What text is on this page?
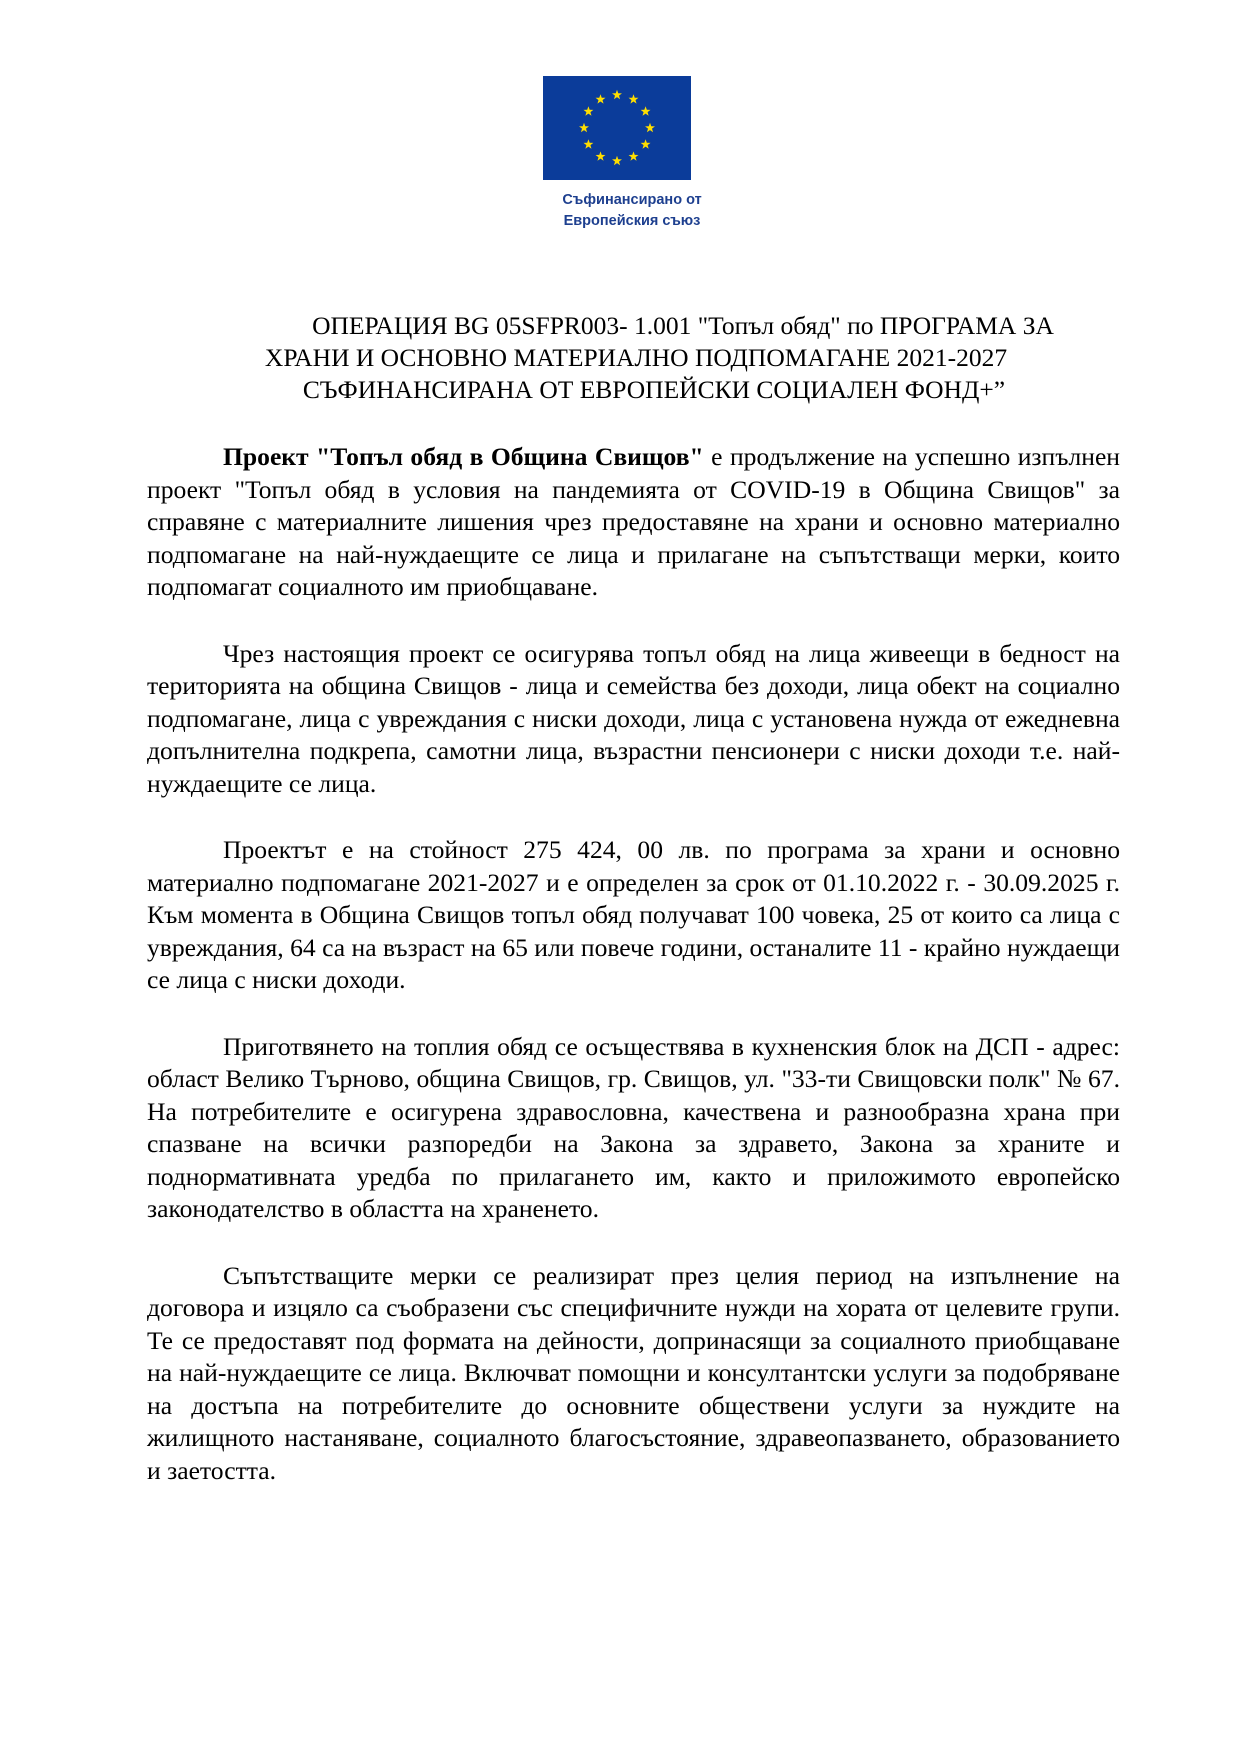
Съфинансирано от
Европейския съюз
ОПЕРАЦИЯ BG 05SFPR003- 1.001 "Топъл обяд" по ПРОГРАМА ЗА
ХРАНИ И ОСНОВНО МАТЕРИАЛНО ПОДПОМАГАНЕ 2021-2027
СЪФИНАНСИРАНА ОТ ЕВРОПЕЙСКИ СОЦИАЛЕН ФОНД+”

Проект "Топъл обяд в Община Свищов" е продължение на успешно изпълнен проект "Топъл обяд в условия на пандемията от COVID-19 в Община Свищов" за справяне с материалните лишения чрез предоставяне на храни и основно материално подпомагане на най-нуждаещите се лица и прилагане на съпътстващи мерки, които подпомагат социалното им приобщаване.

Чрез настоящия проект се осигурява топъл обяд на лица живеещи в бедност на територията на община Свищов - лица и семейства без доходи, лица обект на социално подпомагане, лица с увреждания с ниски доходи, лица с установена нужда от ежедневна допълнителна подкрепа, самотни лица, възрастни пенсионери с ниски доходи т.е. най-нуждаещите се лица.

Проектът е на стойност 275 424, 00 лв. по програма за храни и основно материално подпомагане 2021-2027 и е определен за срок от 01.10.2022 г. - 30.09.2025 г. Към момента в Община Свищов топъл обяд получават 100 човека, 25 от които са лица с увреждания, 64 са на възраст на 65 или повече години, останалите 11 - крайно нуждаещи се лица с ниски доходи.

Приготвянето на топлия обяд се осъществява в кухненския блок на ДСП - адрес: област Велико Търново, община Свищов, гр. Свищов, ул. "33-ти Свищовски полк" № 67. На потребителите е осигурена здравословна, качествена и разнообразна храна при спазване на всички разпоредби на Закона за здравето, Закона за храните и поднормативната уредба по прилагането им, както и приложимото европейско законодателство в областта на храненето.

Съпътстващите мерки се реализират през целия период на изпълнение на договора и изцяло са съобразени със специфичните нужди на хората от целевите групи. Те се предоставят под формата на дейности, допринасящи за социалното приобщаване на най-нуждаещите се лица. Включват помощни и консултантски услуги за подобряване на достъпа на потребителите до основните обществени услуги за нуждите на жилищното настаняване, социалното благосъстояние, здравеопазването, образованието и заетостта.
